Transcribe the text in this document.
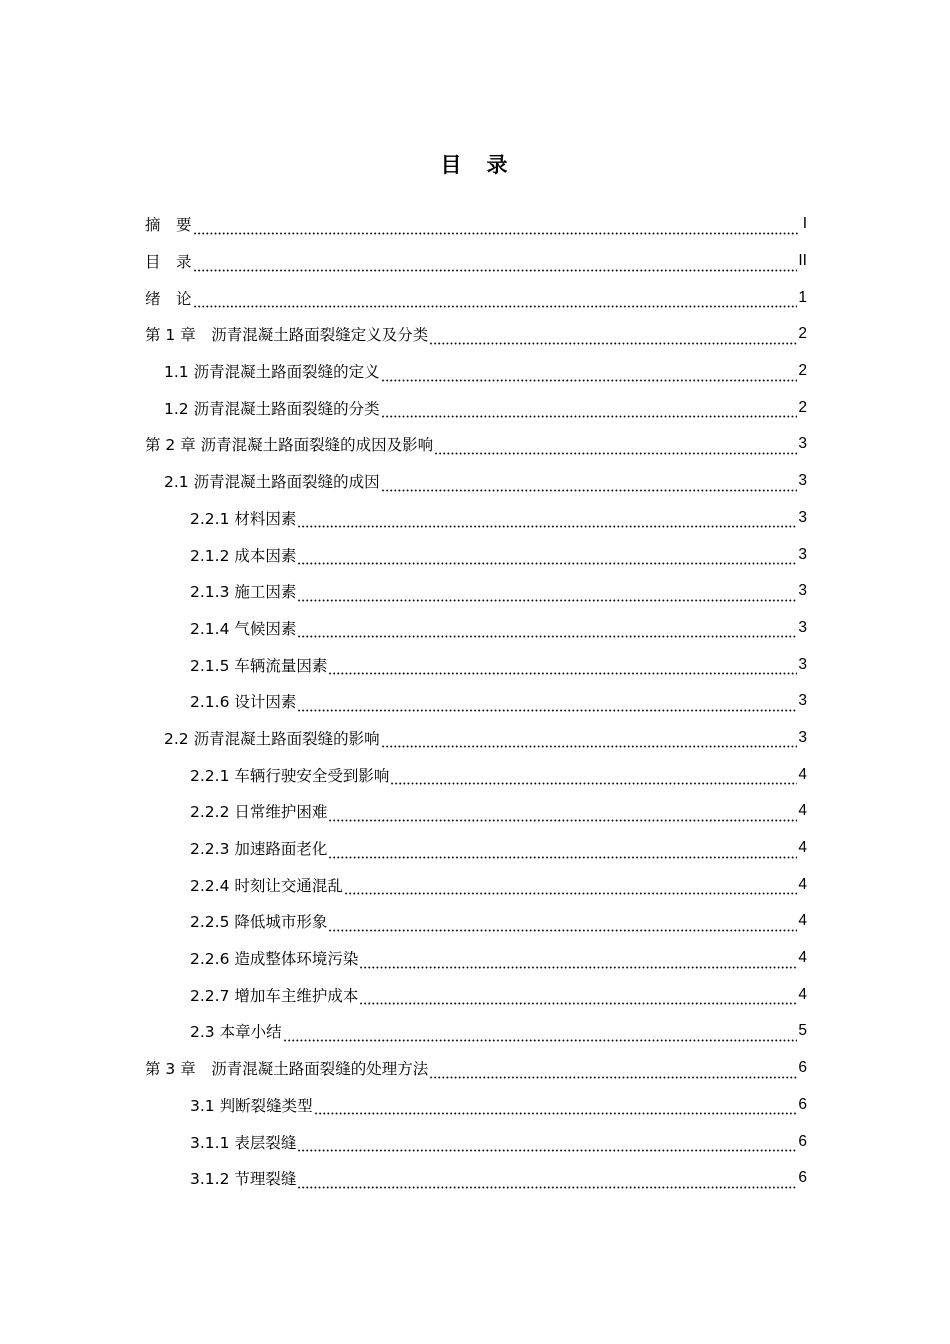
目　录
摘　要	I
目　录	II
绪　论	1
第 1 章　沥青混凝土路面裂缝定义及分类	2
1.1 沥青混凝土路面裂缝的定义	2
1.2 沥青混凝土路面裂缝的分类	2
第 2 章 沥青混凝土路面裂缝的成因及影响	3
2.1 沥青混凝土路面裂缝的成因	3
2.2.1 材料因素	3
2.1.2 成本因素	3
2.1.3 施工因素	3
2.1.4 气候因素	3
2.1.5 车辆流量因素	3
2.1.6 设计因素	3
2.2 沥青混凝土路面裂缝的影响	3
2.2.1 车辆行驶安全受到影响	4
2.2.2 日常维护困难	4
2.2.3 加速路面老化	4
2.2.4 时刻让交通混乱	4
2.2.5 降低城市形象	4
2.2.6 造成整体环境污染	4
2.2.7 增加车主维护成本	4
2.3 本章小结	5
第 3 章　沥青混凝土路面裂缝的处理方法	6
3.1 判断裂缝类型	6
3.1.1 表层裂缝	6
3.1.2 节理裂缝	6
